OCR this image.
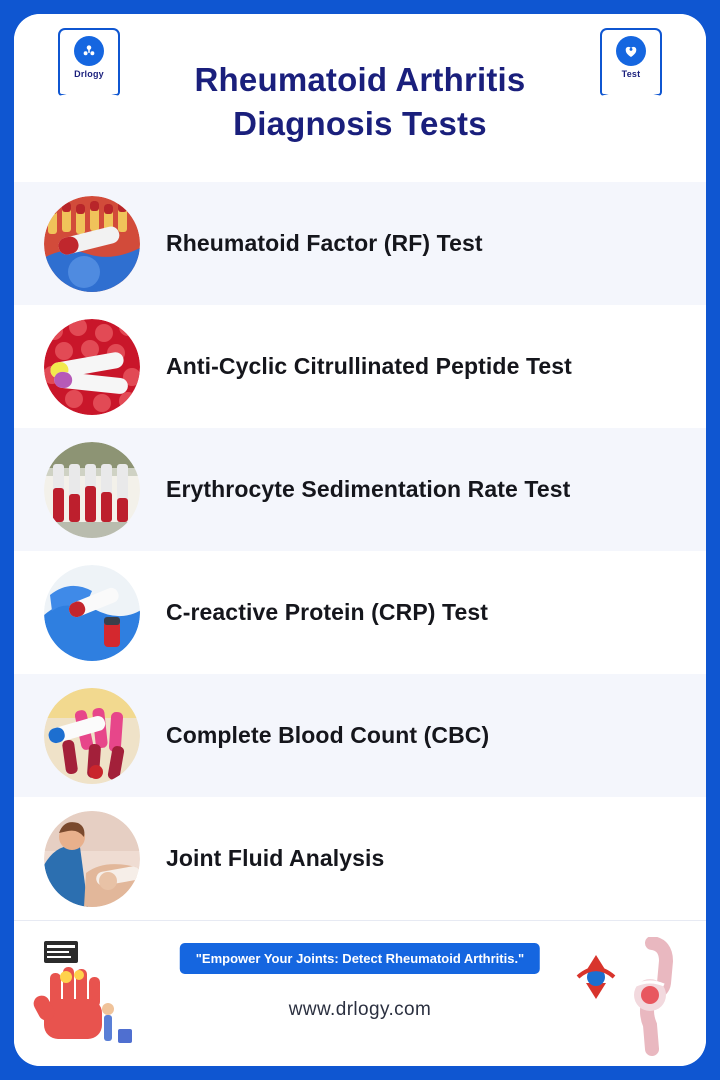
Drlogy	Test
Rheumatoid Arthritis
Diagnosis Tests
Rheumatoid Factor (RF) Test
Anti-Cyclic Citrullinated Peptide Test
Erythrocyte Sedimentation Rate Test
C-reactive Protein (CRP) Test
Complete Blood Count (CBC)
Joint Fluid Analysis
"Empower Your Joints: Detect Rheumatoid Arthritis."
www.drlogy.com
